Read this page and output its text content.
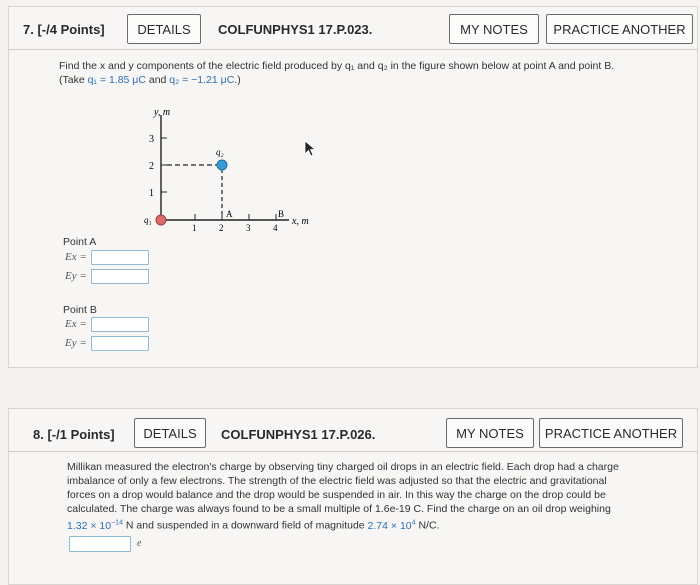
7. [-/4 Points]	DETAILS	COLFUNPHYS1 17.P.023.	MY NOTES	PRACTICE ANOTHER
Find the x and y components of the electric field produced by q₁ and q₂ in the figure shown below at point A and point B.
(Take q₁ = 1.85 μC and q₂ = −1.21 μC.)
3
2
1
y, m
1	2	3	4
x, m
q₁
q₂
A	B
Point A
Ex =
Ey =
Point B
Ex =
Ey =
8. [-/1 Points]	DETAILS	COLFUNPHYS1 17.P.026.	MY NOTES	PRACTICE ANOTHER
Millikan measured the electron's charge by observing tiny charged oil drops in an electric field. Each drop had a charge
imbalance of only a few electrons. The strength of the electric field was adjusted so that the electric and gravitational
forces on a drop would balance and the drop would be suspended in air. In this way the charge on the drop could be
calculated. The charge was always found to be a small multiple of 1.6e-19 C. Find the charge on an oil drop weighing
$1.32 \times 10^{-14}$ N and suspended in a downward field of magnitude $2.74 \times 10^4$ N/C.
e
